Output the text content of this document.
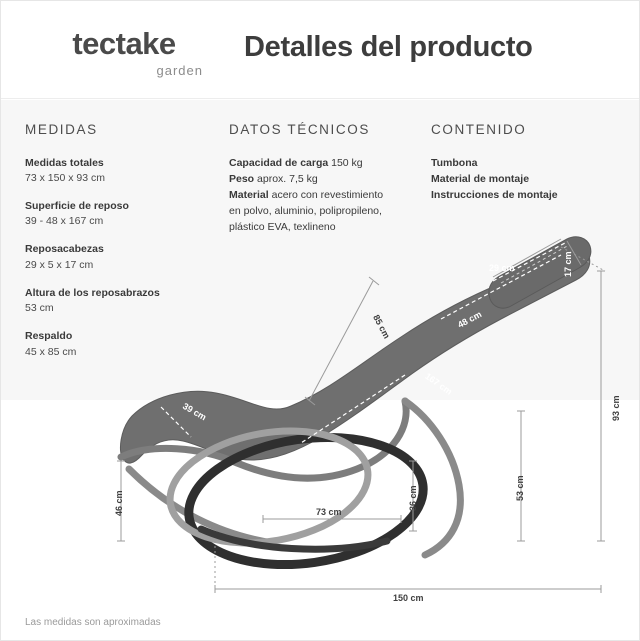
tectake
garden
Detalles del producto
MEDIDAS
Medidas totales
73 x 150 x 93 cm
Superficie de reposo
39 - 48 x 167 cm
Reposacabezas
29 x 5 x 17 cm
Altura de los reposabrazos
53 cm
Respaldo
45 x 85 cm
DATOS TÉCNICOS
Capacidad de carga 150 kg
Peso aprox. 7,5 kg
Material acero con revestimiento
en polvo, aluminio, polipropileno,
plástico EVA, texlineno
CONTENIDO
Tumbona
Material de montaje
Instrucciones de montaje
29 cm	17 cm
85 cm	48 cm
167 cm
93 cm
39 cm
46 cm	36 cm
73 cm
53 cm
150 cm
Las medidas son aproximadas
